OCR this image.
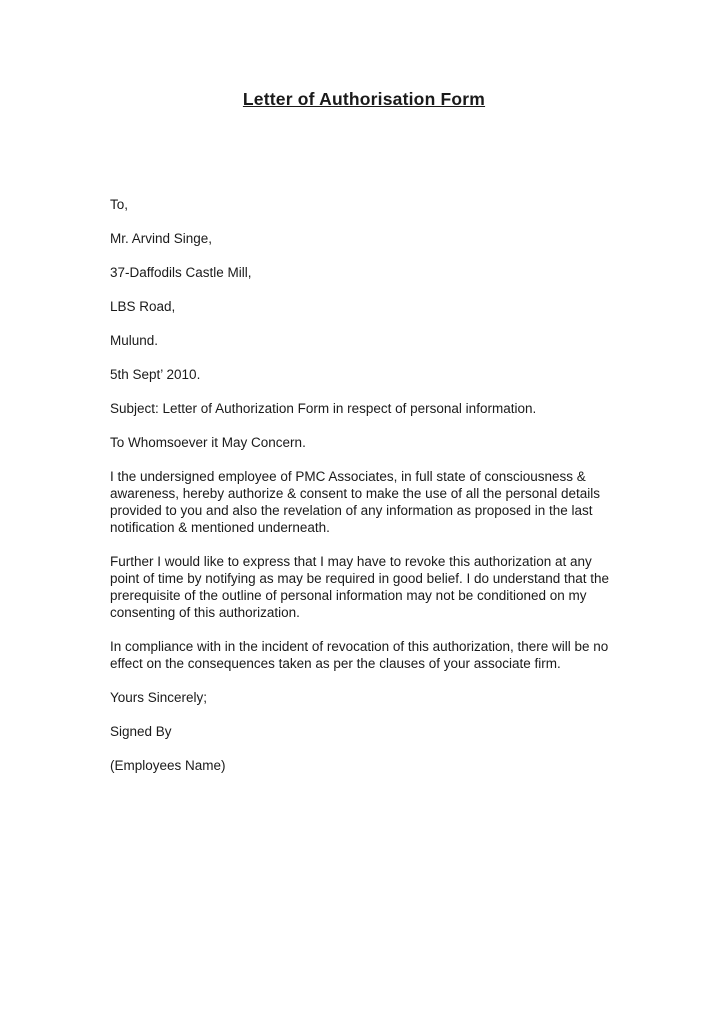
Letter of Authorisation Form

To,

Mr. Arvind Singe,

37-Daffodils Castle Mill,

LBS Road,

Mulund.

5th Sept’ 2010.

Subject: Letter of Authorization Form in respect of personal information.

To Whomsoever it May Concern.

I the undersigned employee of PMC Associates, in full state of consciousness & awareness, hereby authorize & consent to make the use of all the personal details provided to you and also the revelation of any information as proposed in the last notification & mentioned underneath.

Further I would like to express that I may have to revoke this authorization at any point of time by notifying as may be required in good belief. I do understand that the prerequisite of the outline of personal information may not be conditioned on my consenting of this authorization.

In compliance with in the incident of revocation of this authorization, there will be no effect on the consequences taken as per the clauses of your associate firm.

Yours Sincerely;

Signed By

(Employees Name)
